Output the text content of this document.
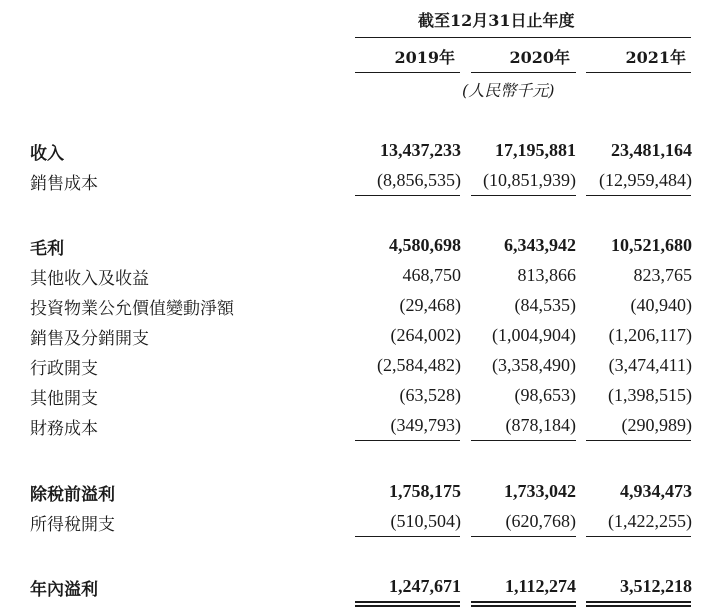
截至12月31日止年度
2019年	2020年	2021年
(人民幣千元)
收入	13,437,233	17,195,881	23,481,164
銷售成本	(8,856,535)	(10,851,939)	(12,959,484)
毛利	4,580,698	6,343,942	10,521,680
其他收入及收益	468,750	813,866	823,765
投資物業公允價值變動淨額	(29,468)	(84,535)	(40,940)
銷售及分銷開支	(264,002)	(1,004,904)	(1,206,117)
行政開支	(2,584,482)	(3,358,490)	(3,474,411)
其他開支	(63,528)	(98,653)	(1,398,515)
財務成本	(349,793)	(878,184)	(290,989)
除稅前溢利	1,758,175	1,733,042	4,934,473
所得稅開支	(510,504)	(620,768)	(1,422,255)
年內溢利	1,247,671	1,112,274	3,512,218
